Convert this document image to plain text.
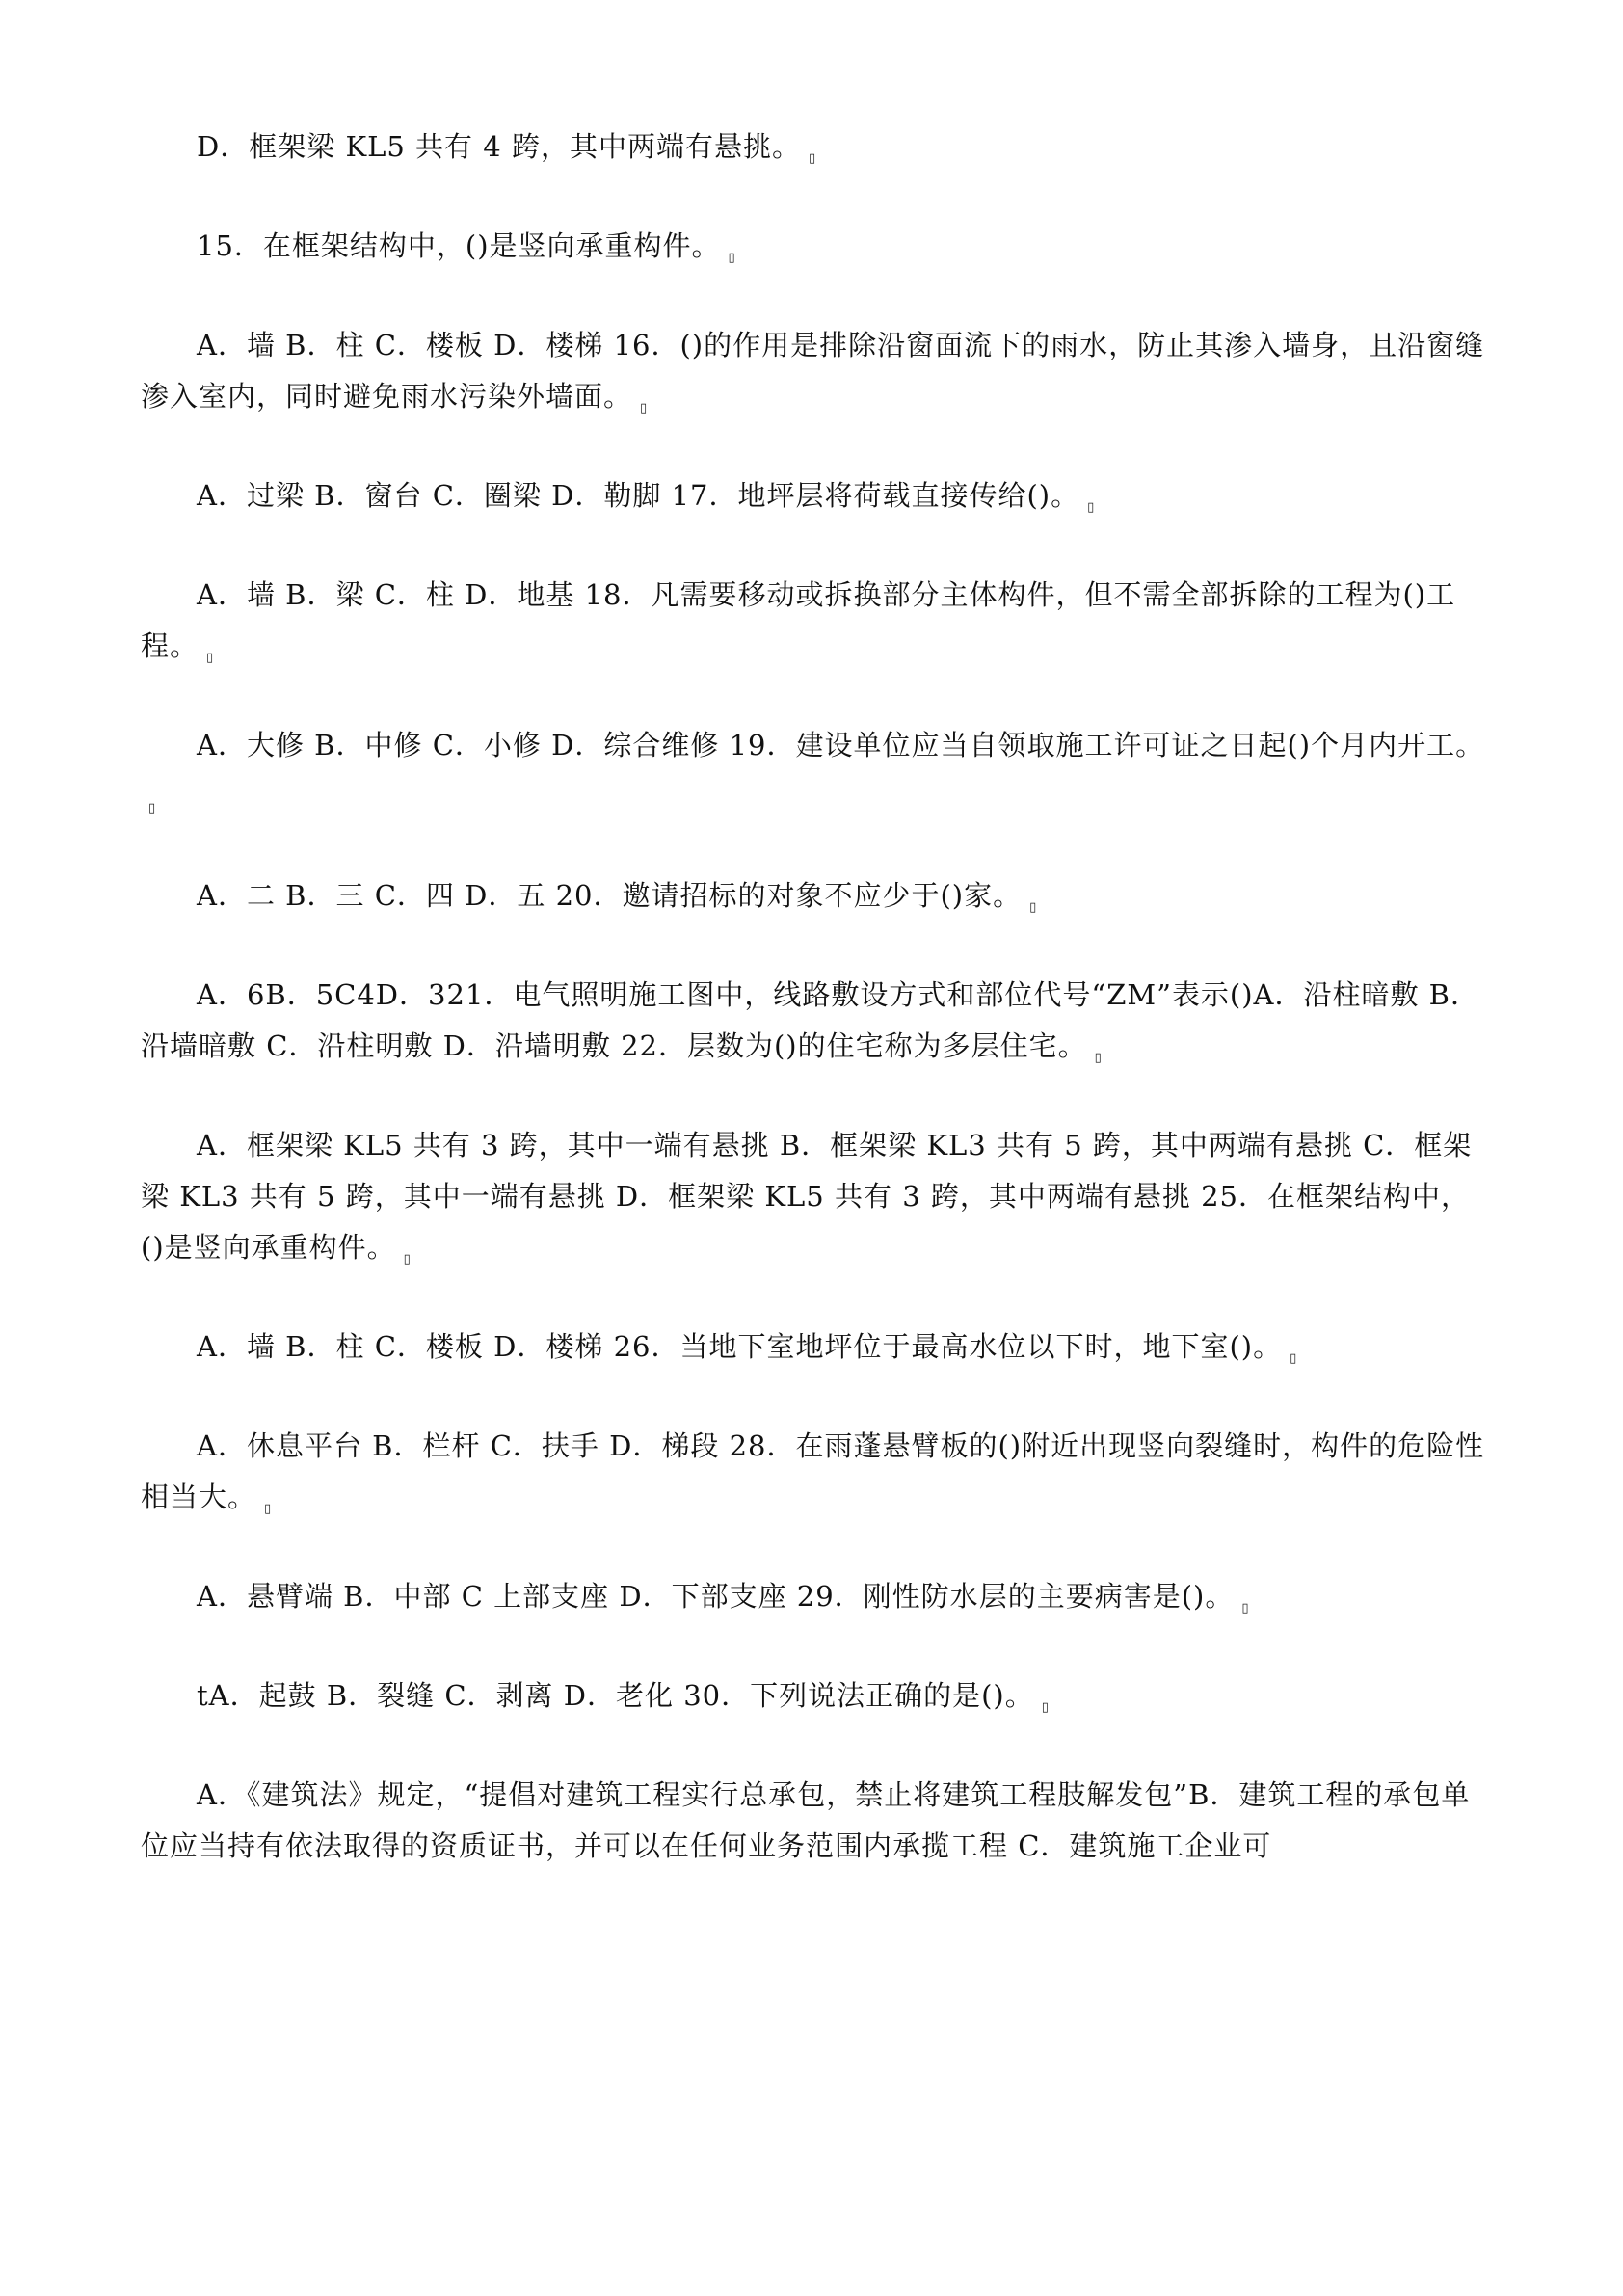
D．框架梁 KL5 共有 4 跨，其中两端有悬挑。 ▯

15．在框架结构中，()是竖向承重构件。 ▯

A．墙 B．柱 C．楼板 D．楼梯 16．()的作用是排除沿窗面流下的雨水，防止其渗入墙身，且沿窗缝渗入室内，同时避免雨水污染外墙面。 ▯

A．过梁 B．窗台 C．圈梁 D．勒脚 17．地坪层将荷载直接传给()。 ▯

A．墙 B．梁 C．柱 D．地基 18．凡需要移动或拆换部分主体构件，但不需全部拆除的工程为()工程。 ▯

A．大修 B．中修 C．小修 D．综合维修 19．建设单位应当自领取施工许可证之日起()个月内开工。▯

A．二 B．三 C．四 D．五 20．邀请招标的对象不应少于()家。 ▯

A．6B．5C4D．321．电气照明施工图中，线路敷设方式和部位代号“ZM”表示()A．沿柱暗敷 B．沿墙暗敷 C．沿柱明敷 D．沿墙明敷 22．层数为()的住宅称为多层住宅。 ▯

A．框架梁 KL5 共有 3 跨，其中一端有悬挑 B．框架梁 KL3 共有 5 跨，其中两端有悬挑 C．框架梁 KL3 共有 5 跨，其中一端有悬挑 D．框架梁 KL5 共有 3 跨，其中两端有悬挑 25．在框架结构中，()是竖向承重构件。 ▯

A．墙 B．柱 C．楼板 D．楼梯 26．当地下室地坪位于最高水位以下时，地下室()。 ▯

A．休息平台 B．栏杆 C．扶手 D．梯段 28．在雨蓬悬臂板的()附近出现竖向裂缝时，构件的危险性相当大。 ▯

A．悬臂端 B．中部 C 上部支座 D．下部支座 29．刚性防水层的主要病害是()。 ▯

tA．起鼓 B．裂缝 C．剥离 D．老化 30．下列说法正确的是()。 ▯

A．《建筑法》规定，“提倡对建筑工程实行总承包，禁止将建筑工程肢解发包”B．建筑工程的承包单位应当持有依法取得的资质证书，并可以在任何业务范围内承揽工程 C．建筑施工企业可
